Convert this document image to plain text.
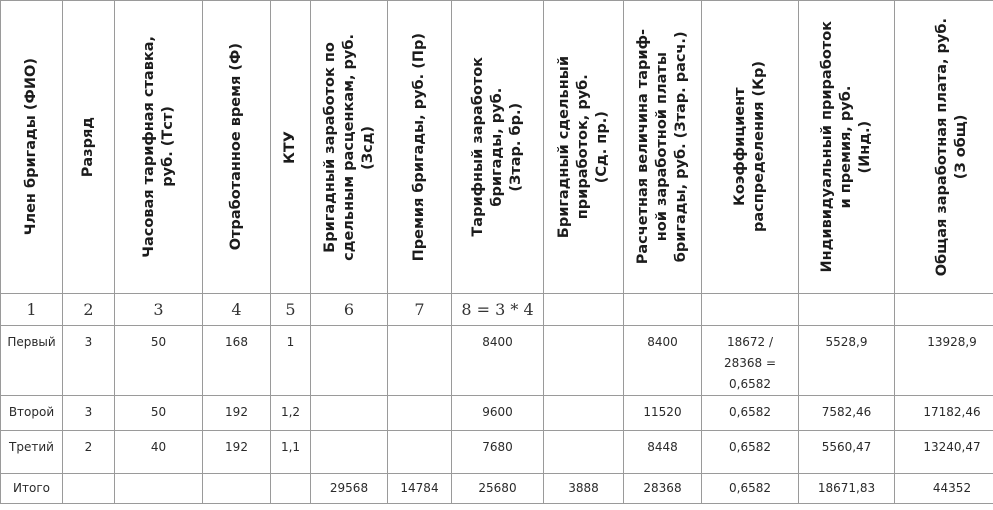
Член бригады (ФИО)	Разряд	Часовая тарифная ставка,
руб. (Тст)	Отработанное время (Ф)	КТУ	Бригадный заработок по
сдельным расценкам, руб.
(Зсд)	Премия бригады, руб. (Пр)	Тарифный заработок
бригады, руб.
(Зтар. бр.)	Бригадный сдельный
приработок, руб.
(Сд. пр.)	Расчетная величина тариф-
ной заработной платы
бригады, руб. (Зтар. расч.)	Коэффициент
распределения (Кр)	Индивидуальный приработок
и премия, руб.
(Инд.)	Общая заработная плата, руб.
(З общ)

1	2	3	4	5	6	7	8 = 3 * 4					
Первый	3	50	168	1			8400		8400	18672 /
28368 =
0,6582	5528,9	13928,9
Второй	3	50	192	1,2			9600		11520	0,6582	7582,46	17182,46
Третий	2	40	192	1,1			7680		8448	0,6582	5560,47	13240,47
Итого					29568	14784	25680	3888	28368	0,6582	18671,83	44352
